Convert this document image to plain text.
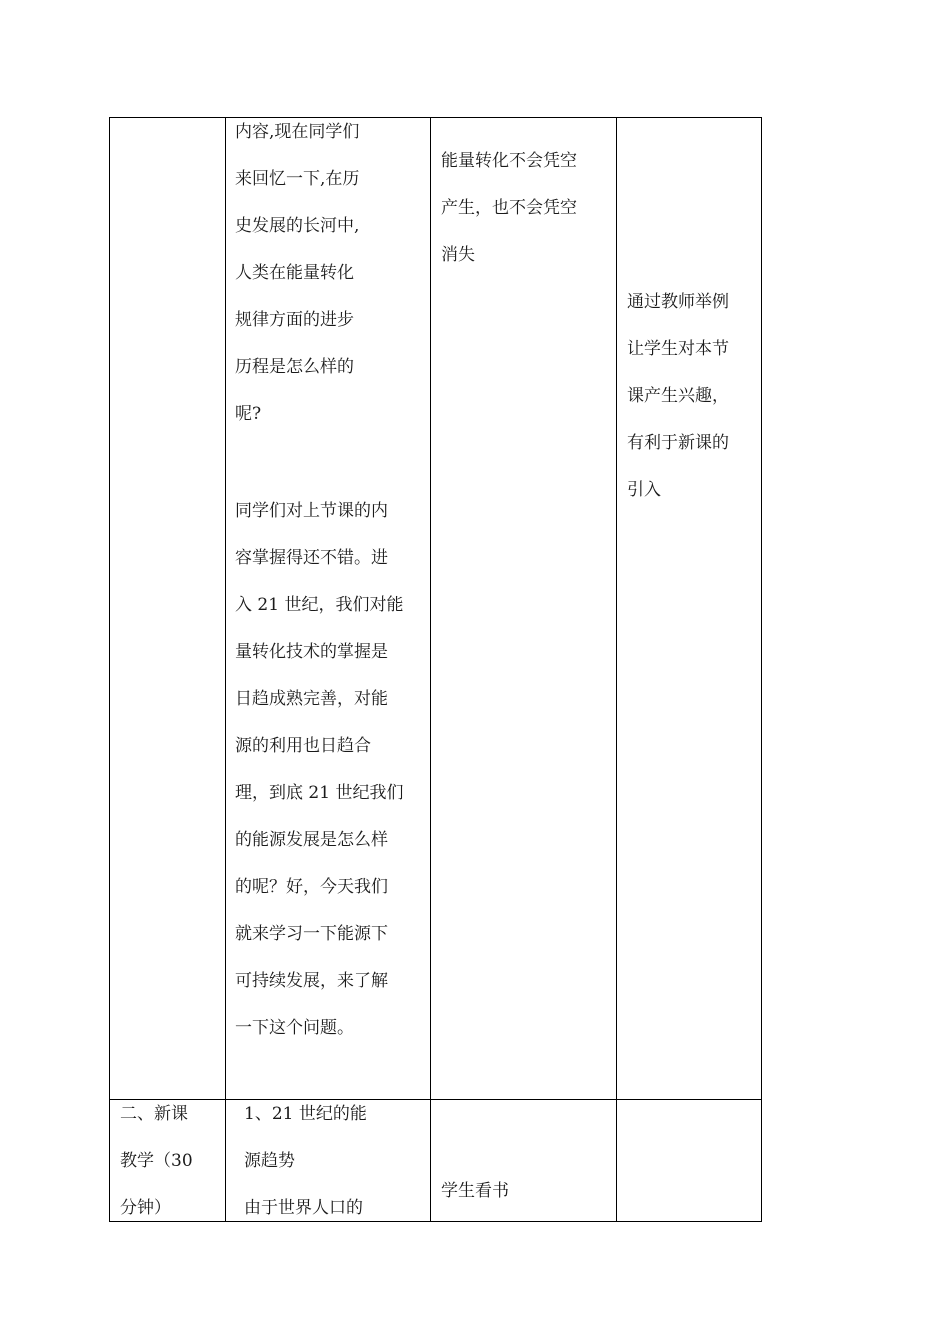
内容,现在同学们
来回忆一下,在历
史发展的长河中,
人类在能量转化
规律方面的进步
历程是怎么样的
呢?
同学们对上节课的内
容掌握得还不错。进
入 21 世纪，我们对能
量转化技术的掌握是
日趋成熟完善，对能
源的利用也日趋合
理，到底 21 世纪我们
的能源发展是怎么样
的呢？好，今天我们
就来学习一下能源下
可持续发展，来了解
一下这个问题。
能量转化不会凭空
产生，也不会凭空
消失
通过教师举例
让学生对本节
课产生兴趣，
有利于新课的
引入
二、新课
教学（30
分钟）
1、21 世纪的能
源趋势
由于世界人口的
学生看书
